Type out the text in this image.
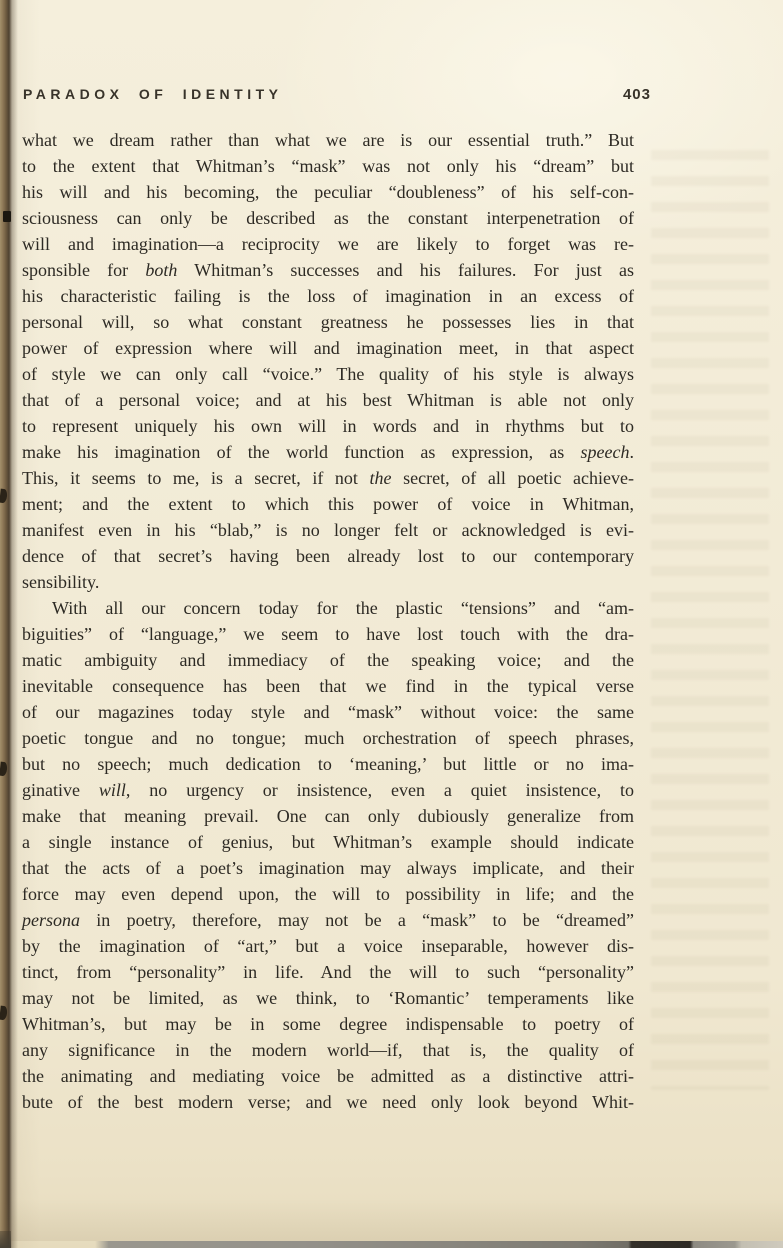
PARADOX OF IDENTITY	403
what we dream rather than what we are is our essential truth.” But
to the extent that Whitman’s “mask” was not only his “dream” but
his will and his becoming, the peculiar “doubleness” of his self-con-
sciousness can only be described as the constant interpenetration of
will and imagination—a reciprocity we are likely to forget was re-
sponsible for both Whitman’s successes and his failures. For just as
his characteristic failing is the loss of imagination in an excess of
personal will, so what constant greatness he possesses lies in that
power of expression where will and imagination meet, in that aspect
of style we can only call “voice.” The quality of his style is always
that of a personal voice; and at his best Whitman is able not only
to represent uniquely his own will in words and in rhythms but to
make his imagination of the world function as expression, as speech.
This, it seems to me, is a secret, if not the secret, of all poetic achieve-
ment; and the extent to which this power of voice in Whitman,
manifest even in his “blab,” is no longer felt or acknowledged is evi-
dence of that secret’s having been already lost to our contemporary
sensibility.
With all our concern today for the plastic “tensions” and “am-
biguities” of “language,” we seem to have lost touch with the dra-
matic ambiguity and immediacy of the speaking voice; and the
inevitable consequence has been that we find in the typical verse
of our magazines today style and “mask” without voice: the same
poetic tongue and no tongue; much orchestration of speech phrases,
but no speech; much dedication to ‘meaning,’ but little or no ima-
ginative will, no urgency or insistence, even a quiet insistence, to
make that meaning prevail. One can only dubiously generalize from
a single instance of genius, but Whitman’s example should indicate
that the acts of a poet’s imagination may always implicate, and their
force may even depend upon, the will to possibility in life; and the
persona in poetry, therefore, may not be a “mask” to be “dreamed”
by the imagination of “art,” but a voice inseparable, however dis-
tinct, from “personality” in life. And the will to such “personality”
may not be limited, as we think, to ‘Romantic’ temperaments like
Whitman’s, but may be in some degree indispensable to poetry of
any significance in the modern world—if, that is, the quality of
the animating and mediating voice be admitted as a distinctive attri-
bute of the best modern verse; and we need only look beyond Whit-
